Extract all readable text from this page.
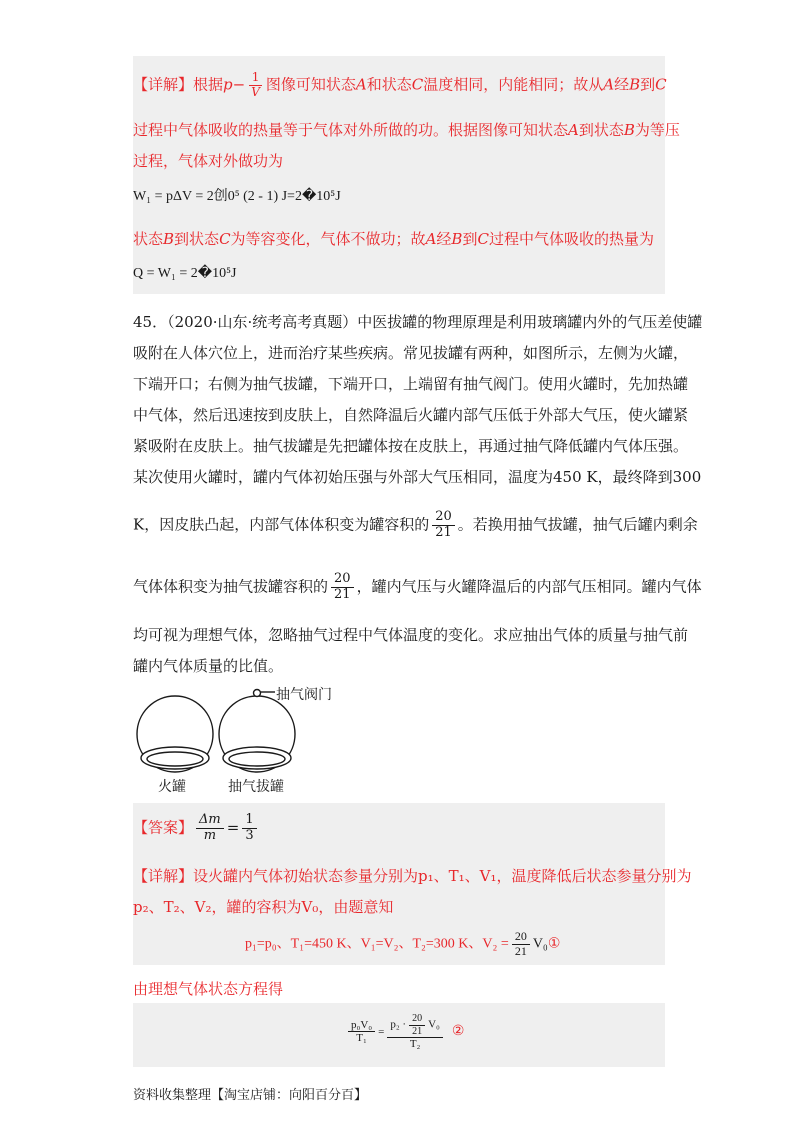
【详解】根据$p- \frac{1}{V}$ 图像可知状态A和状态C温度相同，内能相同；故从A经B到C
过程中气体吸收的热量等于气体对外所做的功。根据图像可知状态A到状态B为等压
过程，气体对外做功为
W₁ = pΔV = 2创0⁵ (2 - 1) J=2�10⁵J
状态B到状态C为等容变化，气体不做功；故A经B到C过程中气体吸收的热量为
Q = W₁ = 2�10⁵J
45．（2020·山东·统考高考真题）中医拔罐的物理原理是利用玻璃罐内外的气压差使罐
吸附在人体穴位上，进而治疗某些疾病。常见拔罐有两种，如图所示，左侧为火罐，
下端开口；右侧为抽气拔罐，下端开口，上端留有抽气阀门。使用火罐时，先加热罐
中气体，然后迅速按到皮肤上，自然降温后火罐内部气压低于外部大气压，使火罐紧
紧吸附在皮肤上。抽气拔罐是先把罐体按在皮肤上，再通过抽气降低罐内气体压强。
某次使用火罐时，罐内气体初始压强与外部大气压相同，温度为450 K，最终降到300
K，因皮肤凸起，内部气体体积变为罐容积的 $\frac{20}{21}$ 。若换用抽气拔罐，抽气后罐内剩余
气体体积变为抽气拔罐容积的 $\frac{20}{21}$ ，罐内气压与火罐降温后的内部气压相同。罐内气体
均可视为理想气体，忽略抽气过程中气体温度的变化。求应抽出气体的质量与抽气前
罐内气体质量的比值。
抽气阀门
火罐	抽气拔罐
【答案】 $\frac{\Delta m}{m} = \frac{1}{3}$
【详解】设火罐内气体初始状态参量分别为p₁、T₁、V₁，温度降低后状态参量分别为
p₂、T₂、V₂，罐的容积为V₀，由题意知
p₁=p₀、T₁=450 K、V₁=V₂、T₂=300 K、$V_2 = \frac{20}{21}$ V₀①
由理想气体状态方程得
$\frac{\text{p₀V₀}}{\text{T₁}} = \frac{p_2 \cdot \frac{20}{21} V_0}{\text{T₂}}$ ②
资料收集整理【淘宝店铺：向阳百分百】
